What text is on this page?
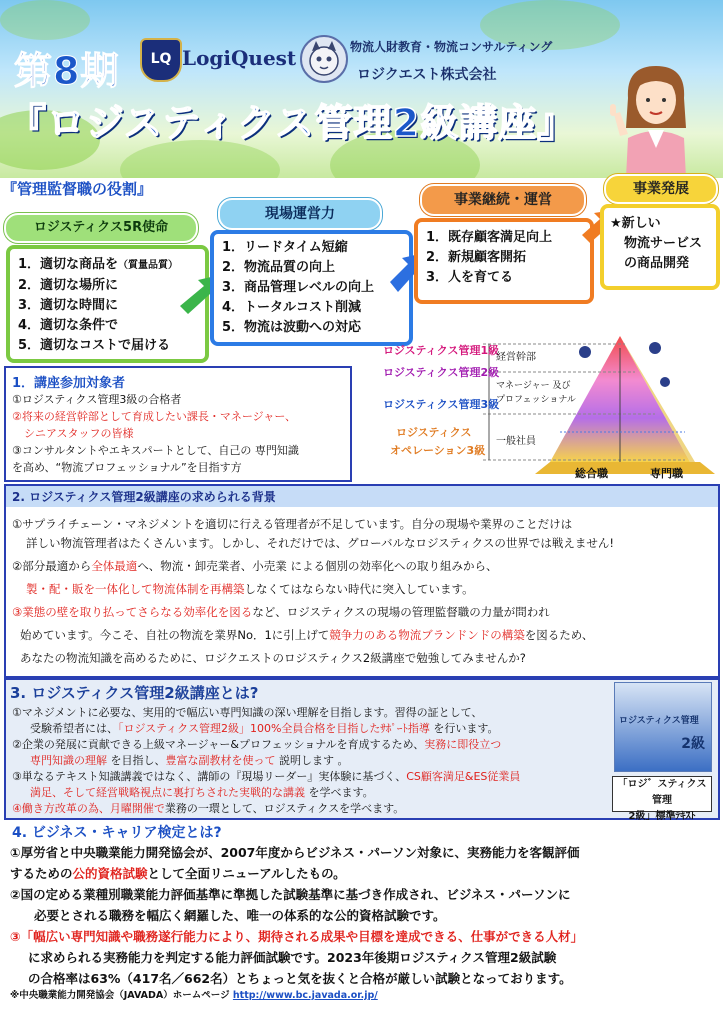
第8期	LQ LogiQuest	物流人財教育・物流コンサルティング
ロジクエスト株式会社
『ロジスティクス管理2級講座』
『管理監督職の役割』
ロジスティクス5R使命
1．適切な商品を（質量品質）
2．適切な場所に
3．適切な時間に
4．適切な条件で
5．適切なコストで届ける
現場運営力
1．リードタイム短縮
2．物流品質の向上
3．商品管理レベルの向上
4．トータルコスト削減
5．物流は波動への対応
事業継続・運営
1．既存顧客満足向上
2．新規顧客開拓
3．人を育てる
事業発展
★新しい
物流サービス
の商品開発
1．講座参加対象者
①ロジスティクス管理3級の合格者
②将来の経営幹部として育成したい課長・マネージャー、
シニアスタッフの皆様
③コンサルタントやエキスパートとして、自己の 専門知識
を高め、“物流プロフェッショナル”を目指す方
ロジスティクス管理1級
ロジスティクス管理2級
ロジスティクス管理3級
ロジスティクス
オペレーション3級
経営幹部
マネージャー 及び
プロフェッショナル
一般社員
総合職	専門職
2. ロジスティクス管理2級講座の求められる背景
①サプライチェーン・マネジメントを適切に行える管理者が不足しています。自分の現場や業界のことだけは
詳しい物流管理者はたくさんいます。しかし、それだけでは、グローバルなロジスティクスの世界では戦えません!
②部分最適から全体最適へ、物流・卸売業者、小売業 による個別の効率化への取り組みから、
製・配・販を一体化して物流体制を再構築しなくてはならない時代に突入しています。
③業態の壁を取り払ってさらなる効率化を図るなど、ロジスティクスの現場の管理監督職の力量が問われ
始めています。今こそ、自社の物流を業界No．1に引上げて競争力のある物流ブランドンドの構築を図るため、
あなたの物流知識を高めるために、ロジクエストのロジスティクス2級講座で勉強してみませんか?
3. ロジスティクス管理2級講座とは?
①マネジメントに必要な、実用的で幅広い専門知識の深い理解を目指します。習得の証として、
受験希望者には、「ロジスティクス管理2級」100%全員合格を目指したｻﾎﾟｰﾄ指導 を行います。
②企業の発展に貢献できる上級マネージャー&プロフェッショナルを育成するため、実務に即役立つ
専門知識の理解 を目指し、豊富な副教材を使って 説明します 。
③単なるテキスト知識講義ではなく、講師の『現場リーダー』実体験に基づく、CS顧客満足&ES従業員
満足、そして経営戦略視点に裏打ちされた実戦的な講義 を学べます。
④働き方改革の為、月曜開催で業務の一環として、ロジスティクスを学べます。
ロジスティクス管理
2級
「ロジ゛スティクス管理
2級」標準ﾃｷｽﾄ
4. ビジネス・キャリア検定とは?
①厚労省と中央職業能力開発協会が、2007年度からビジネス・パーソン対象に、実務能力を客観評価
するための公的資格試験として全面リニューアルしたもの。
②国の定める業種別職業能力評価基準に準拠した試験基準に基づき作成され、ビジネス・パーソンに
必要とされる職務を幅広く網羅した、唯一の体系的な公的資格試験です。
③「幅広い専門知識や職務遂行能力により、期待される成果や目標を達成できる、仕事ができる人材」
に求められる実務能力を判定する能力評価試験です。2023年後期ロジスティクス管理2級試験
の合格率は63%（417名／662名）とちょっと気を抜くと合格が厳しい試験となっております。
※中央職業能力開発協会（JAVADA）ホームページ http://www.bc.javada.or.jp/
